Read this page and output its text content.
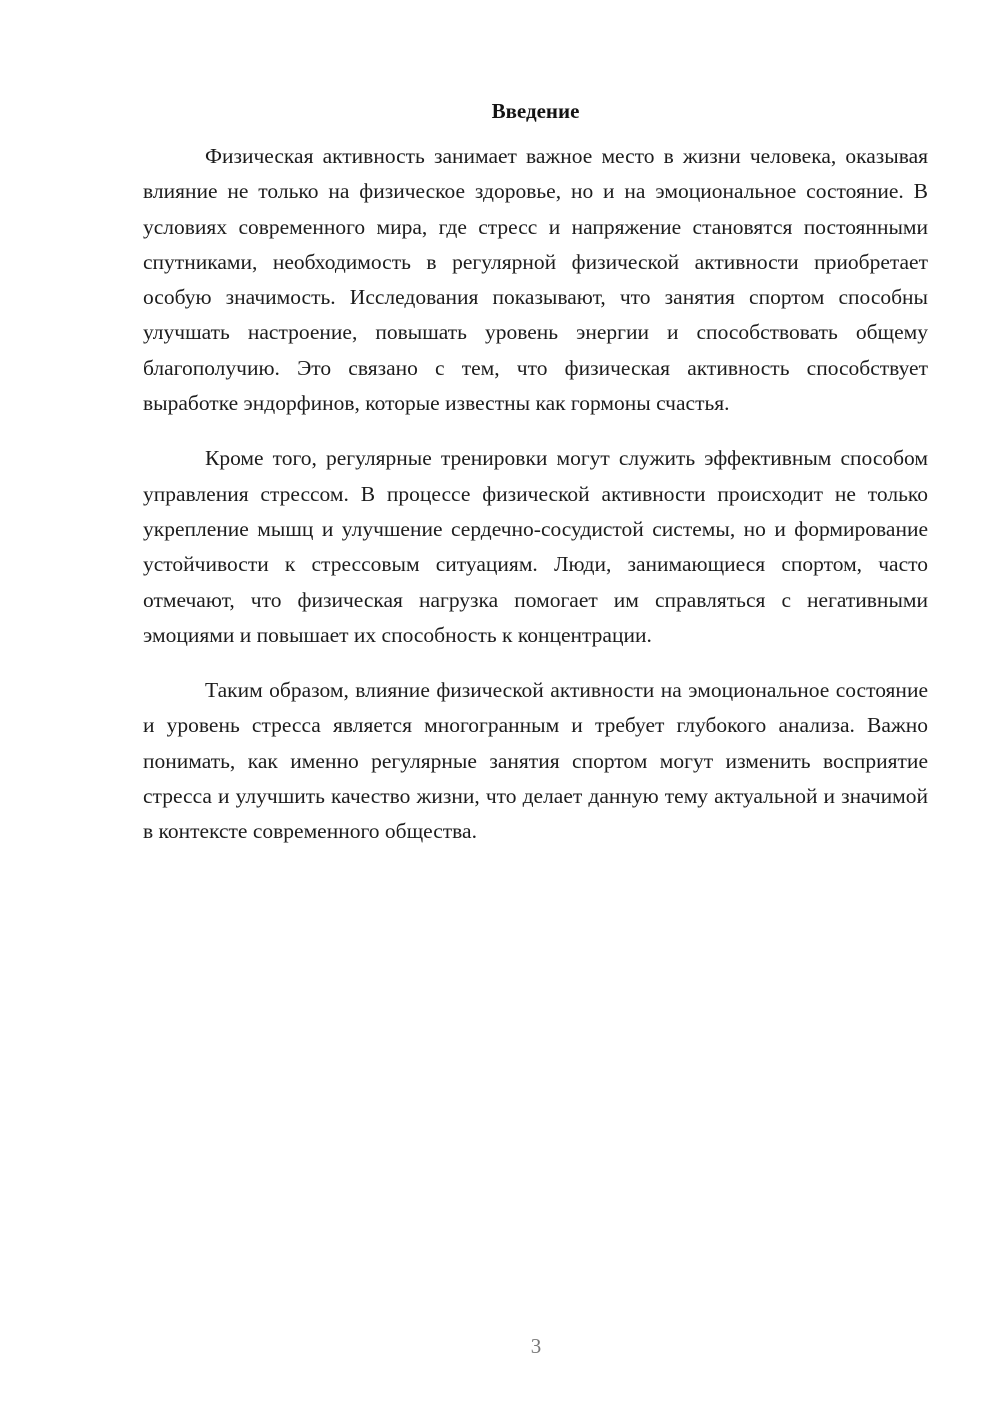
Введение

Физическая активность занимает важное место в жизни человека, оказывая влияние не только на физическое здоровье, но и на эмоциональное состояние. В условиях современного мира, где стресс и напряжение становятся постоянными спутниками, необходимость в регулярной физической активности приобретает особую значимость. Исследования показывают, что занятия спортом способны улучшать настроение, повышать уровень энергии и способствовать общему благополучию. Это связано с тем, что физическая активность способствует выработке эндорфинов, которые известны как гормоны счастья.

Кроме того, регулярные тренировки могут служить эффективным способом управления стрессом. В процессе физической активности происходит не только укрепление мышц и улучшение сердечно-сосудистой системы, но и формирование устойчивости к стрессовым ситуациям. Люди, занимающиеся спортом, часто отмечают, что физическая нагрузка помогает им справляться с негативными эмоциями и повышает их способность к концентрации.

Таким образом, влияние физической активности на эмоциональное состояние и уровень стресса является многогранным и требует глубокого анализа. Важно понимать, как именно регулярные занятия спортом могут изменить восприятие стресса и улучшить качество жизни, что делает данную тему актуальной и значимой в контексте современного общества.

3
